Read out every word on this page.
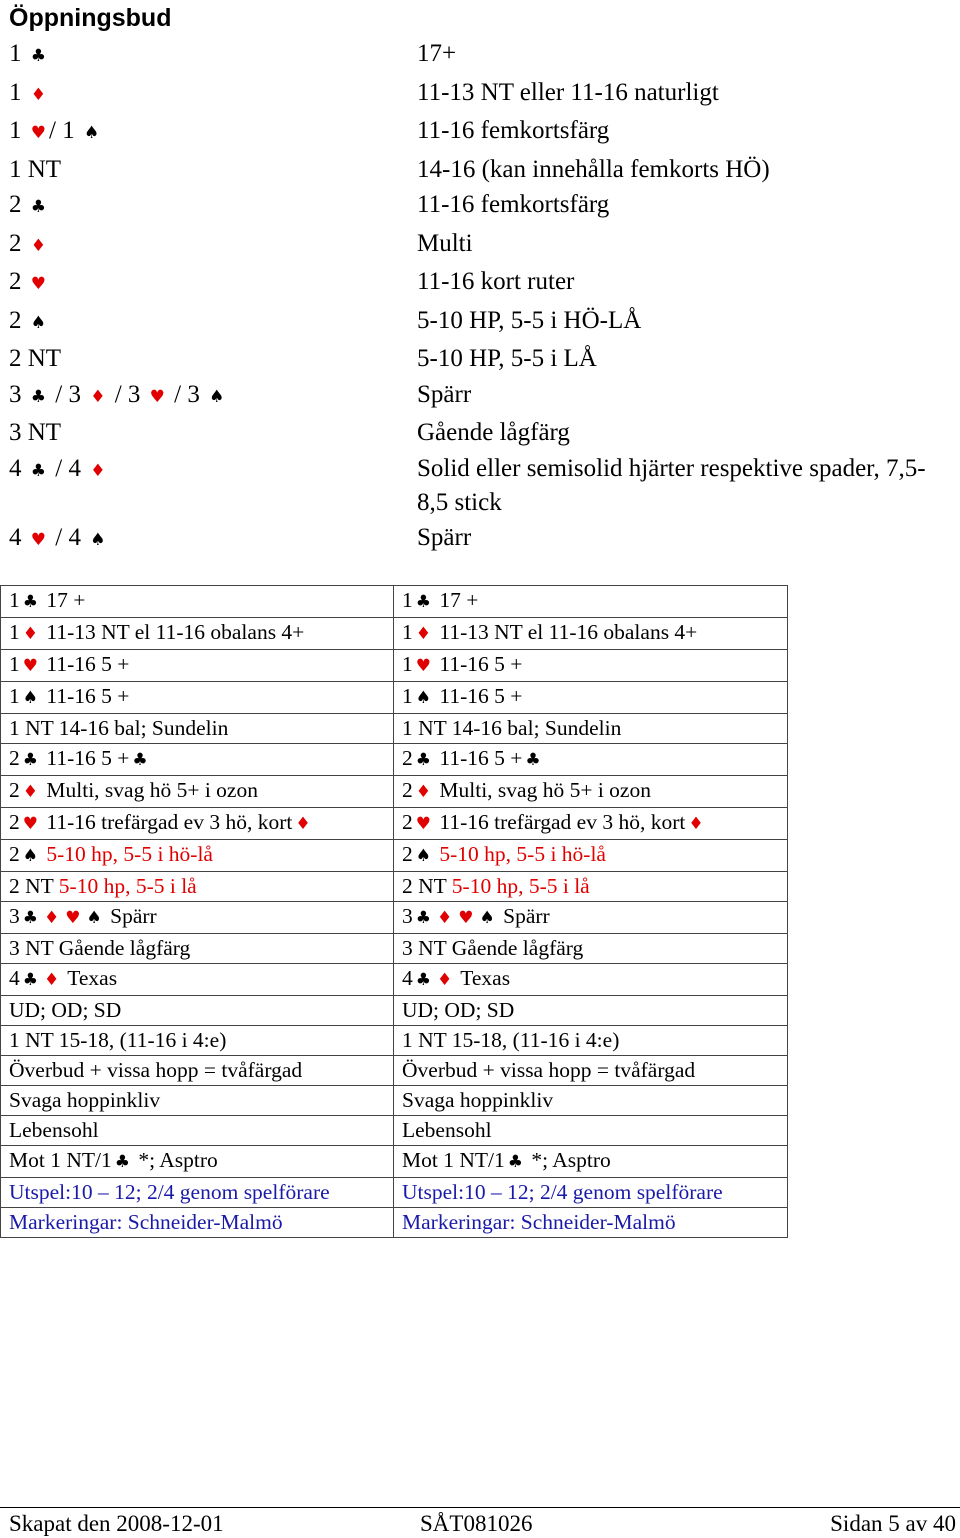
Öppningsbud
1 ♣	17+
1 ♦	11-13 NT eller 11-16 naturligt
1 ♥ / 1 ♠	11-16 femkortsfärg
1 NT	14-16 (kan innehålla femkorts HÖ)
2 ♣	11-16 femkortsfärg
2 ♦	Multi
2 ♥	11-16 kort ruter
2 ♠	5-10 HP, 5-5 i HÖ-LÅ
2 NT	5-10 HP, 5-5 i LÅ
3 ♣ / 3 ♦ / 3 ♥ / 3 ♠	Spärr
3 NT	Gående lågfärg
4 ♣ / 4 ♦	Solid eller semisolid hjärter respektive spader, 7,5-8,5 stick
4 ♥ / 4 ♠	Spärr
1 ♣ 17 +	1 ♣ 17 +
1 ♦ 11-13 NT el 11-16 obalans 4+	1 ♦ 11-13 NT el 11-16 obalans 4+
1 ♥ 11-16 5 +	1 ♥ 11-16 5 +
1 ♠ 11-16 5 +	1 ♠ 11-16 5 +
1 NT 14-16 bal; Sundelin	1 NT 14-16 bal; Sundelin
2 ♣ 11-16 5 + ♣	2 ♣ 11-16 5 + ♣
2 ♦ Multi, svag hö 5+ i ozon	2 ♦ Multi, svag hö 5+ i ozon
2 ♥ 11-16 trefärgad ev 3 hö, kort ♦	2 ♥ 11-16 trefärgad ev 3 hö, kort ♦
2 ♠ 5-10 hp, 5-5 i hö-lå	2 ♠ 5-10 hp, 5-5 i hö-lå
2 NT 5-10 hp, 5-5 i lå	2 NT 5-10 hp, 5-5 i lå
3 ♣ ♦ ♥ ♠ Spärr	3 ♣ ♦ ♥ ♠ Spärr
3 NT Gående lågfärg	3 NT Gående lågfärg
4 ♣ ♦ Texas	4 ♣ ♦ Texas
UD; OD; SD	UD; OD; SD
1 NT 15-18, (11-16 i 4:e)	1 NT 15-18, (11-16 i 4:e)
Överbud + vissa hopp = tvåfärgad	Överbud + vissa hopp = tvåfärgad
Svaga hoppinkliv	Svaga hoppinkliv
Lebensohl	Lebensohl
Mot 1 NT/1 ♣ *; Asptro	Mot 1 NT/1 ♣ *; Asptro
Utspel:10 – 12; 2/4 genom spelförare	Utspel:10 – 12; 2/4 genom spelförare
Markeringar: Schneider-Malmö	Markeringar: Schneider-Malmö
Skapat den 2008-12-01	SÅT081026	Sidan 5 av 40
